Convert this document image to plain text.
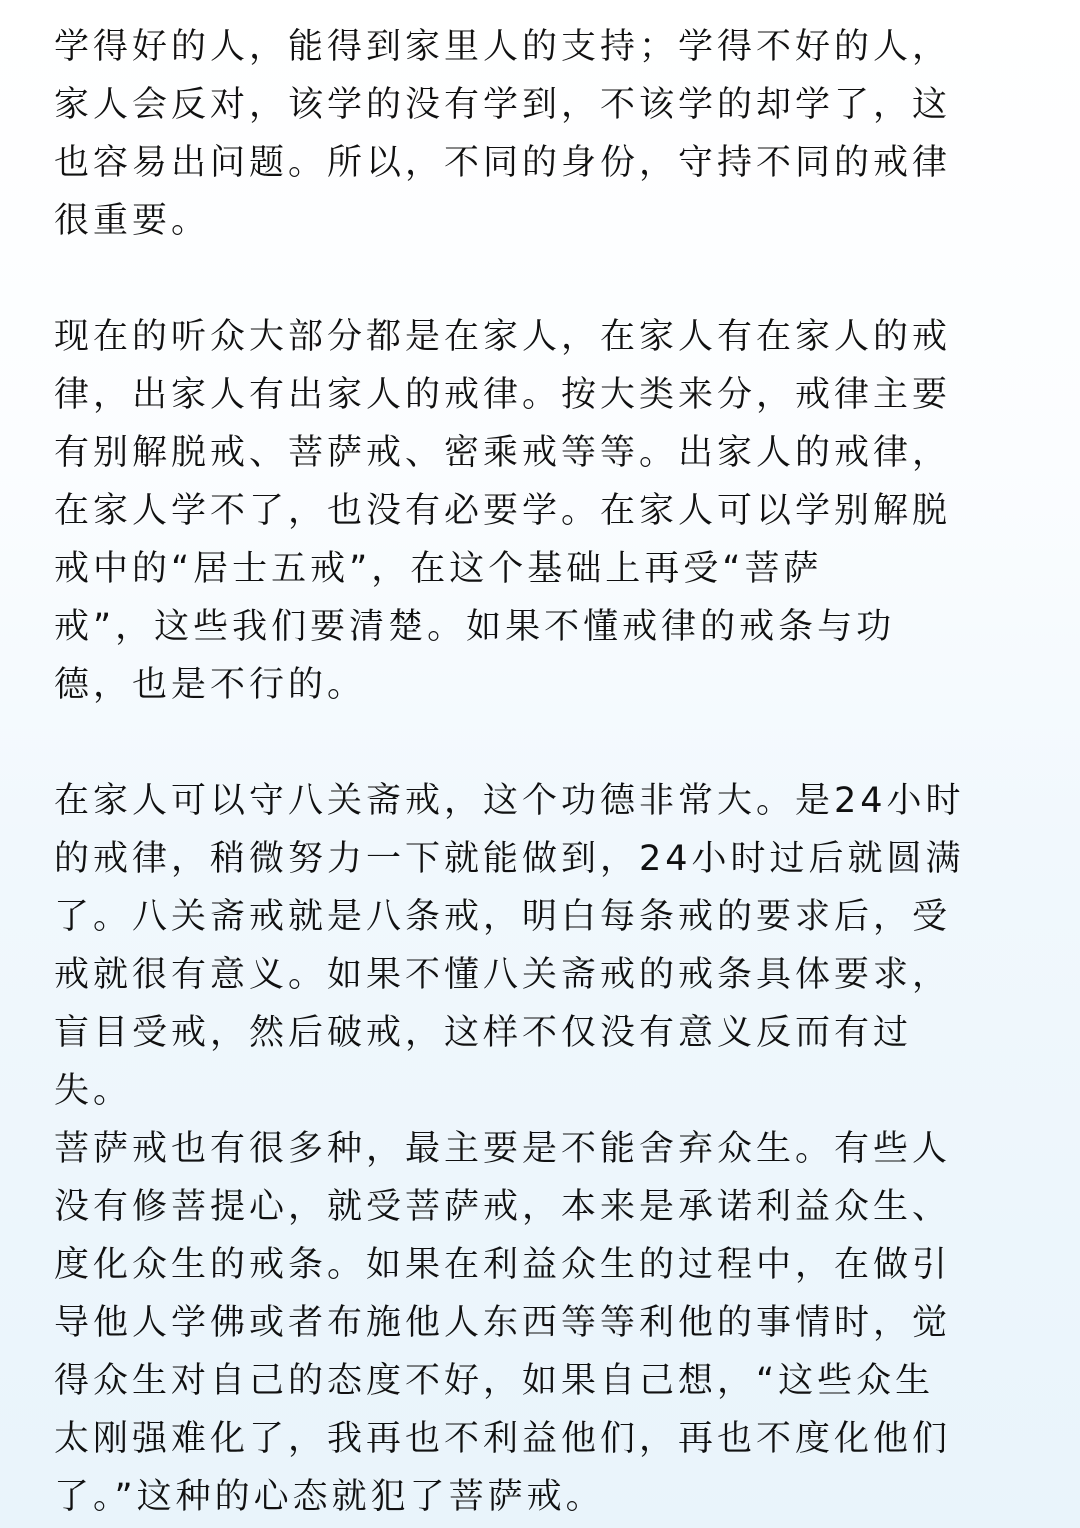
学得好的人，能得到家里人的支持；学得不好的人，
家人会反对，该学的没有学到，不该学的却学了，这
也容易出问题。所以，不同的身份，守持不同的戒律
很重要。

现在的听众大部分都是在家人，在家人有在家人的戒
律，出家人有出家人的戒律。按大类来分，戒律主要
有别解脱戒、菩萨戒、密乘戒等等。出家人的戒律，
在家人学不了，也没有必要学。在家人可以学别解脱
戒中的“居士五戒”，在这个基础上再受“菩萨
戒”，这些我们要清楚。如果不懂戒律的戒条与功
德，也是不行的。

在家人可以守八关斋戒，这个功德非常大。是24小时
的戒律，稍微努力一下就能做到，24小时过后就圆满
了。八关斋戒就是八条戒，明白每条戒的要求后，受
戒就很有意义。如果不懂八关斋戒的戒条具体要求，
盲目受戒，然后破戒，这样不仅没有意义反而有过
失。

菩萨戒也有很多种，最主要是不能舍弃众生。有些人
没有修菩提心，就受菩萨戒，本来是承诺利益众生、
度化众生的戒条。如果在利益众生的过程中，在做引
导他人学佛或者布施他人东西等等利他的事情时，觉
得众生对自己的态度不好，如果自己想，“这些众生
太刚强难化了，我再也不利益他们，再也不度化他们
了。”这种的心态就犯了菩萨戒。
